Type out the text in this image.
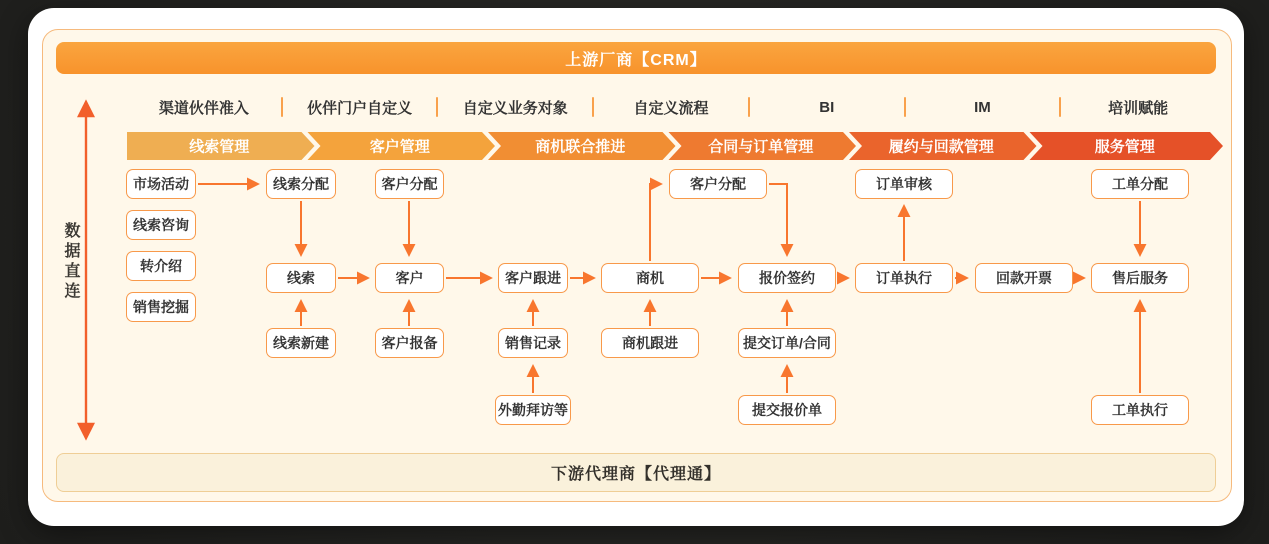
上游厂商【CRM】
渠道伙伴准入	伙伴门户自定义	自定义业务对象	自定义流程	BI	IM	培训赋能
线索管理	客户管理	商机联合推进	合同与订单管理	履约与回款管理	服务管理
数据直连
市场活动
线索咨询
转介绍
销售挖掘
线索分配
线索
线索新建
客户分配
客户
客户报备
客户跟进
销售记录
外勤拜访等
商机
商机跟进
客户分配
报价签约
提交订单/合同
提交报价单
订单审核
订单执行	回款开票
工单分配
售后服务
工单执行
下游代理商【代理通】
